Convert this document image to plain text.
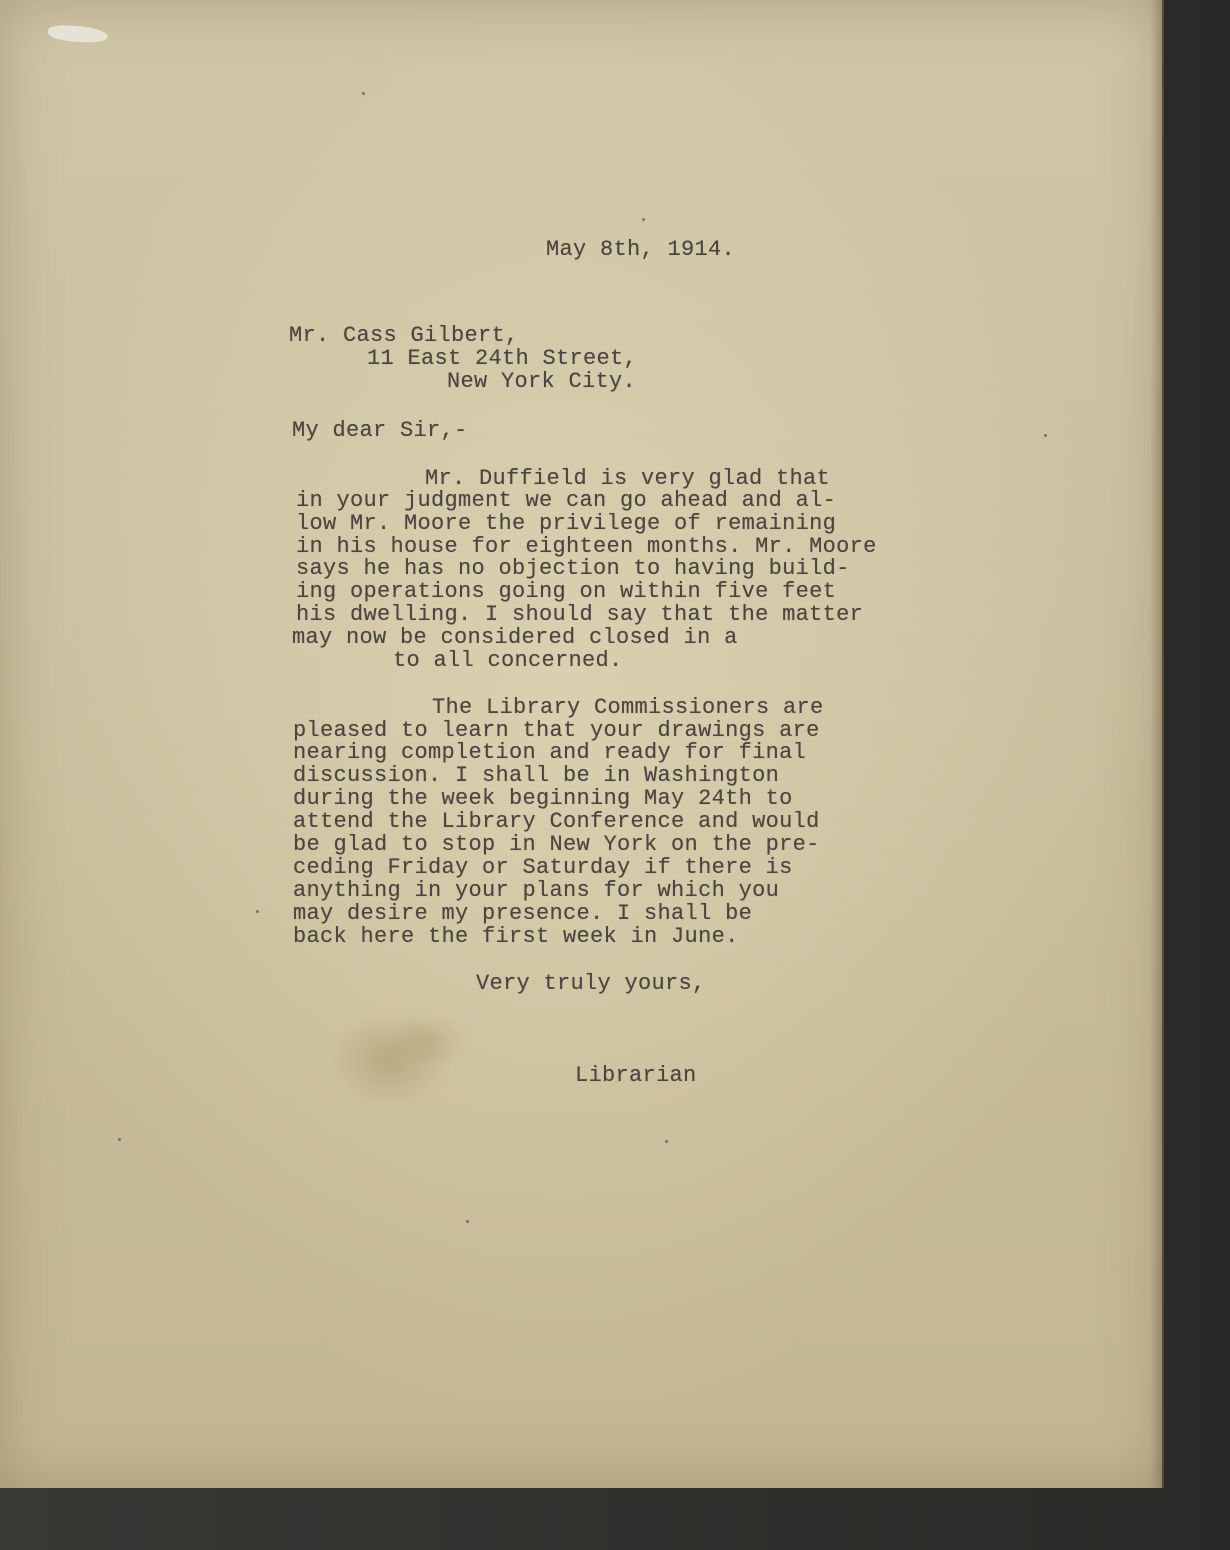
May 8th, 1914.
Mr. Cass Gilbert,
11 East 24th Street,
New York City.
My dear Sir,-
Mr. Duffield is very glad that
in your judgment we can go ahead and al-
low Mr. Moore the privilege of remaining
in his house for eighteen months. Mr. Moore
says he has no objection to having build-
ing operations going on within five feet
his dwelling. I should say that the matter
may now be considered closed in a
to all concerned.
The Library Commissioners are
pleased to learn that your drawings are
nearing completion and ready for final
discussion. I shall be in Washington
during the week beginning May 24th to
attend the Library Conference and would
be glad to stop in New York on the pre-
ceding Friday or Saturday if there is
anything in your plans for which you
may desire my presence. I shall be
back here the first week in June.
Very truly yours,
Librarian
